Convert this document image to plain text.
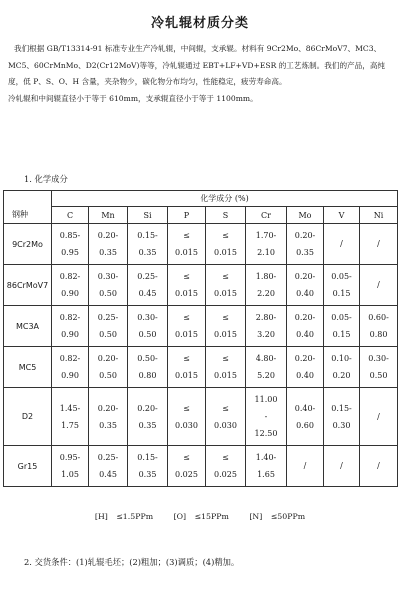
冷轧辊材质分类

我们根据 GB/T13314-91 标准专业生产冷轧辊，中间辊，支承辊。材料有 9Cr2Mo、86CrMoV7、MC3、MC5、60CrMnMo、D2(Cr12MoV)等等，冷轧辊通过 EBT+LF+VD+ESR 的工艺炼制。我们的产品，高纯度，低 P、S、O、H 含量，夹杂物少，碳化物分布均匀，性能稳定，疲劳寿命高。

冷轧辊和中间辊直径小于等于 610mm，支承辊直径小于等于 1100mm。

1. 化学成分
	化学成分 (%)								
钢种	C	Mn	Si	P	S	Cr	Mo	V	Ni
9Cr2Mo	0.85-
0.95	0.20-
0.35	0.15-
0.35	≤
0.015	≤
0.015	1.70-
2.10	0.20-
0.35	/	/

86CrMoV7	0.82-
0.90	0.30-
0.50	0.25-
0.45	≤
0.015	≤
0.015	1.80-
2.20	0.20-
0.40	0.05-
0.15	/

MC3A	0.82-
0.90	0.25-
0.50	0.30-
0.50	≤
0.015	≤
0.015	2.80-
3.20	0.20-
0.40	0.05-
0.15	0.60-
0.80

MC5	0.82-
0.90	0.20-
0.50	0.50-
0.80	≤
0.015	≤
0.015	4.80-
5.20	0.20-
0.40	0.10-
0.20	0.30-
0.50

D2	1.45-
1.75	0.20-
0.35	0.20-
0.35	≤
0.030	≤
0.030	11.00
-
12.50	0.40-
0.60	0.15-
0.30	/

Gr15	0.95-
1.05	0.25-
0.45	0.15-
0.35	≤
0.025	≤
0.025	1.40-
1.65	/	/	/
[H] ≤1.5PPm	[O] ≤15PPm	[N] ≤50PPm
2. 交货条件：(1)轧辊毛坯；(2)粗加；(3)调质；(4)精加。
